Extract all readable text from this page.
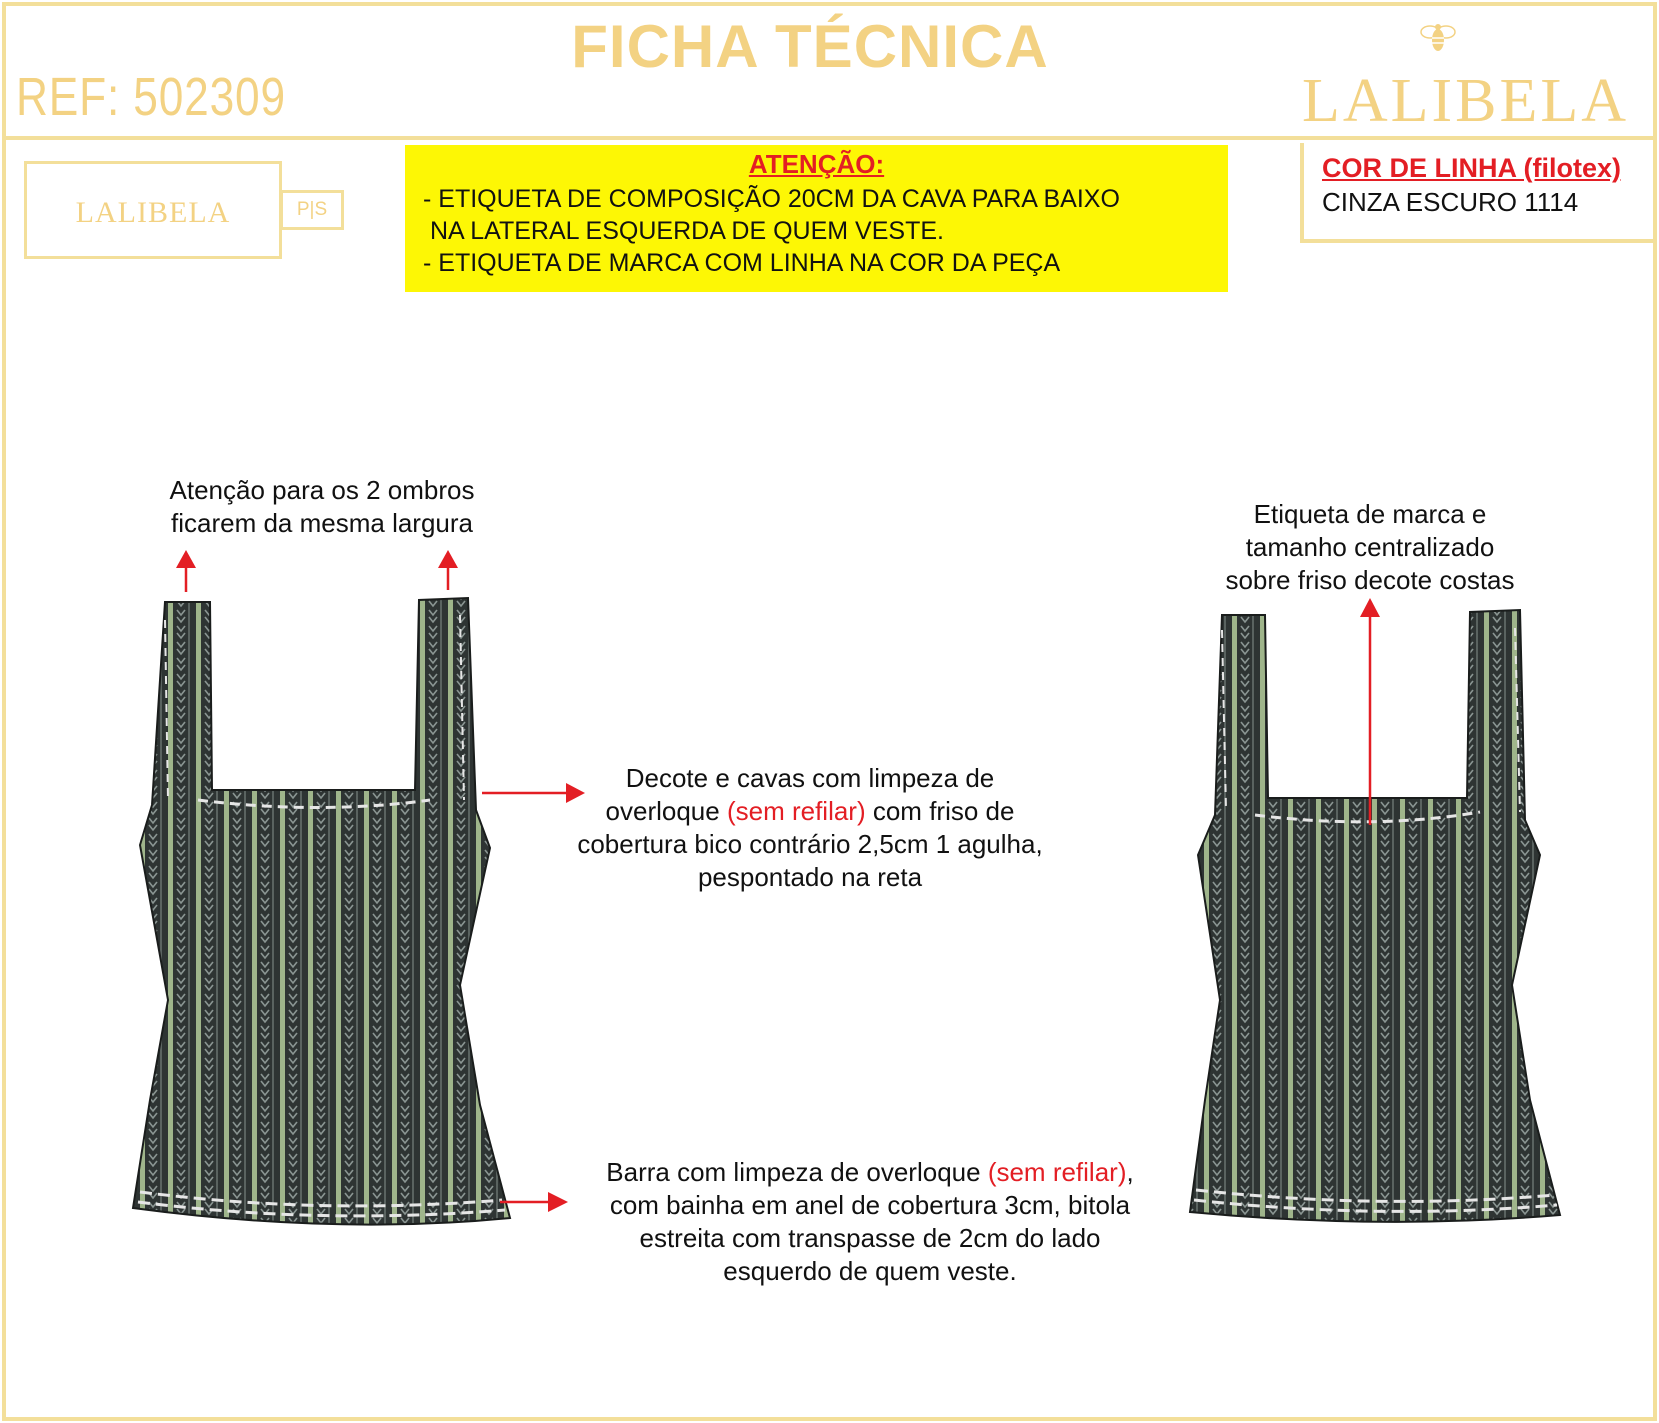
FICHA TÉCNICA
REF: 502309	LALIBELA
LALIBELA	P|S
ATENÇÃO:
- ETIQUETA DE COMPOSIÇÃO 20CM DA CAVA PARA BAIXO
NA LATERAL ESQUERDA DE QUEM VESTE.
- ETIQUETA DE MARCA COM LINHA NA COR DA PEÇA
COR DE LINHA (filotex)
CINZA ESCURO 1114
Atenção para os 2 ombros
ficarem da mesma largura
Decote e cavas com limpeza de
overloque (sem refilar) com friso de
cobertura bico contrário 2,5cm 1 agulha,
pespontado na reta
Barra com limpeza de overloque (sem refilar),
com bainha em anel de cobertura 3cm, bitola
estreita com transpasse de 2cm do lado
esquerdo de quem veste.
Etiqueta de marca e
tamanho centralizado
sobre friso decote costas
